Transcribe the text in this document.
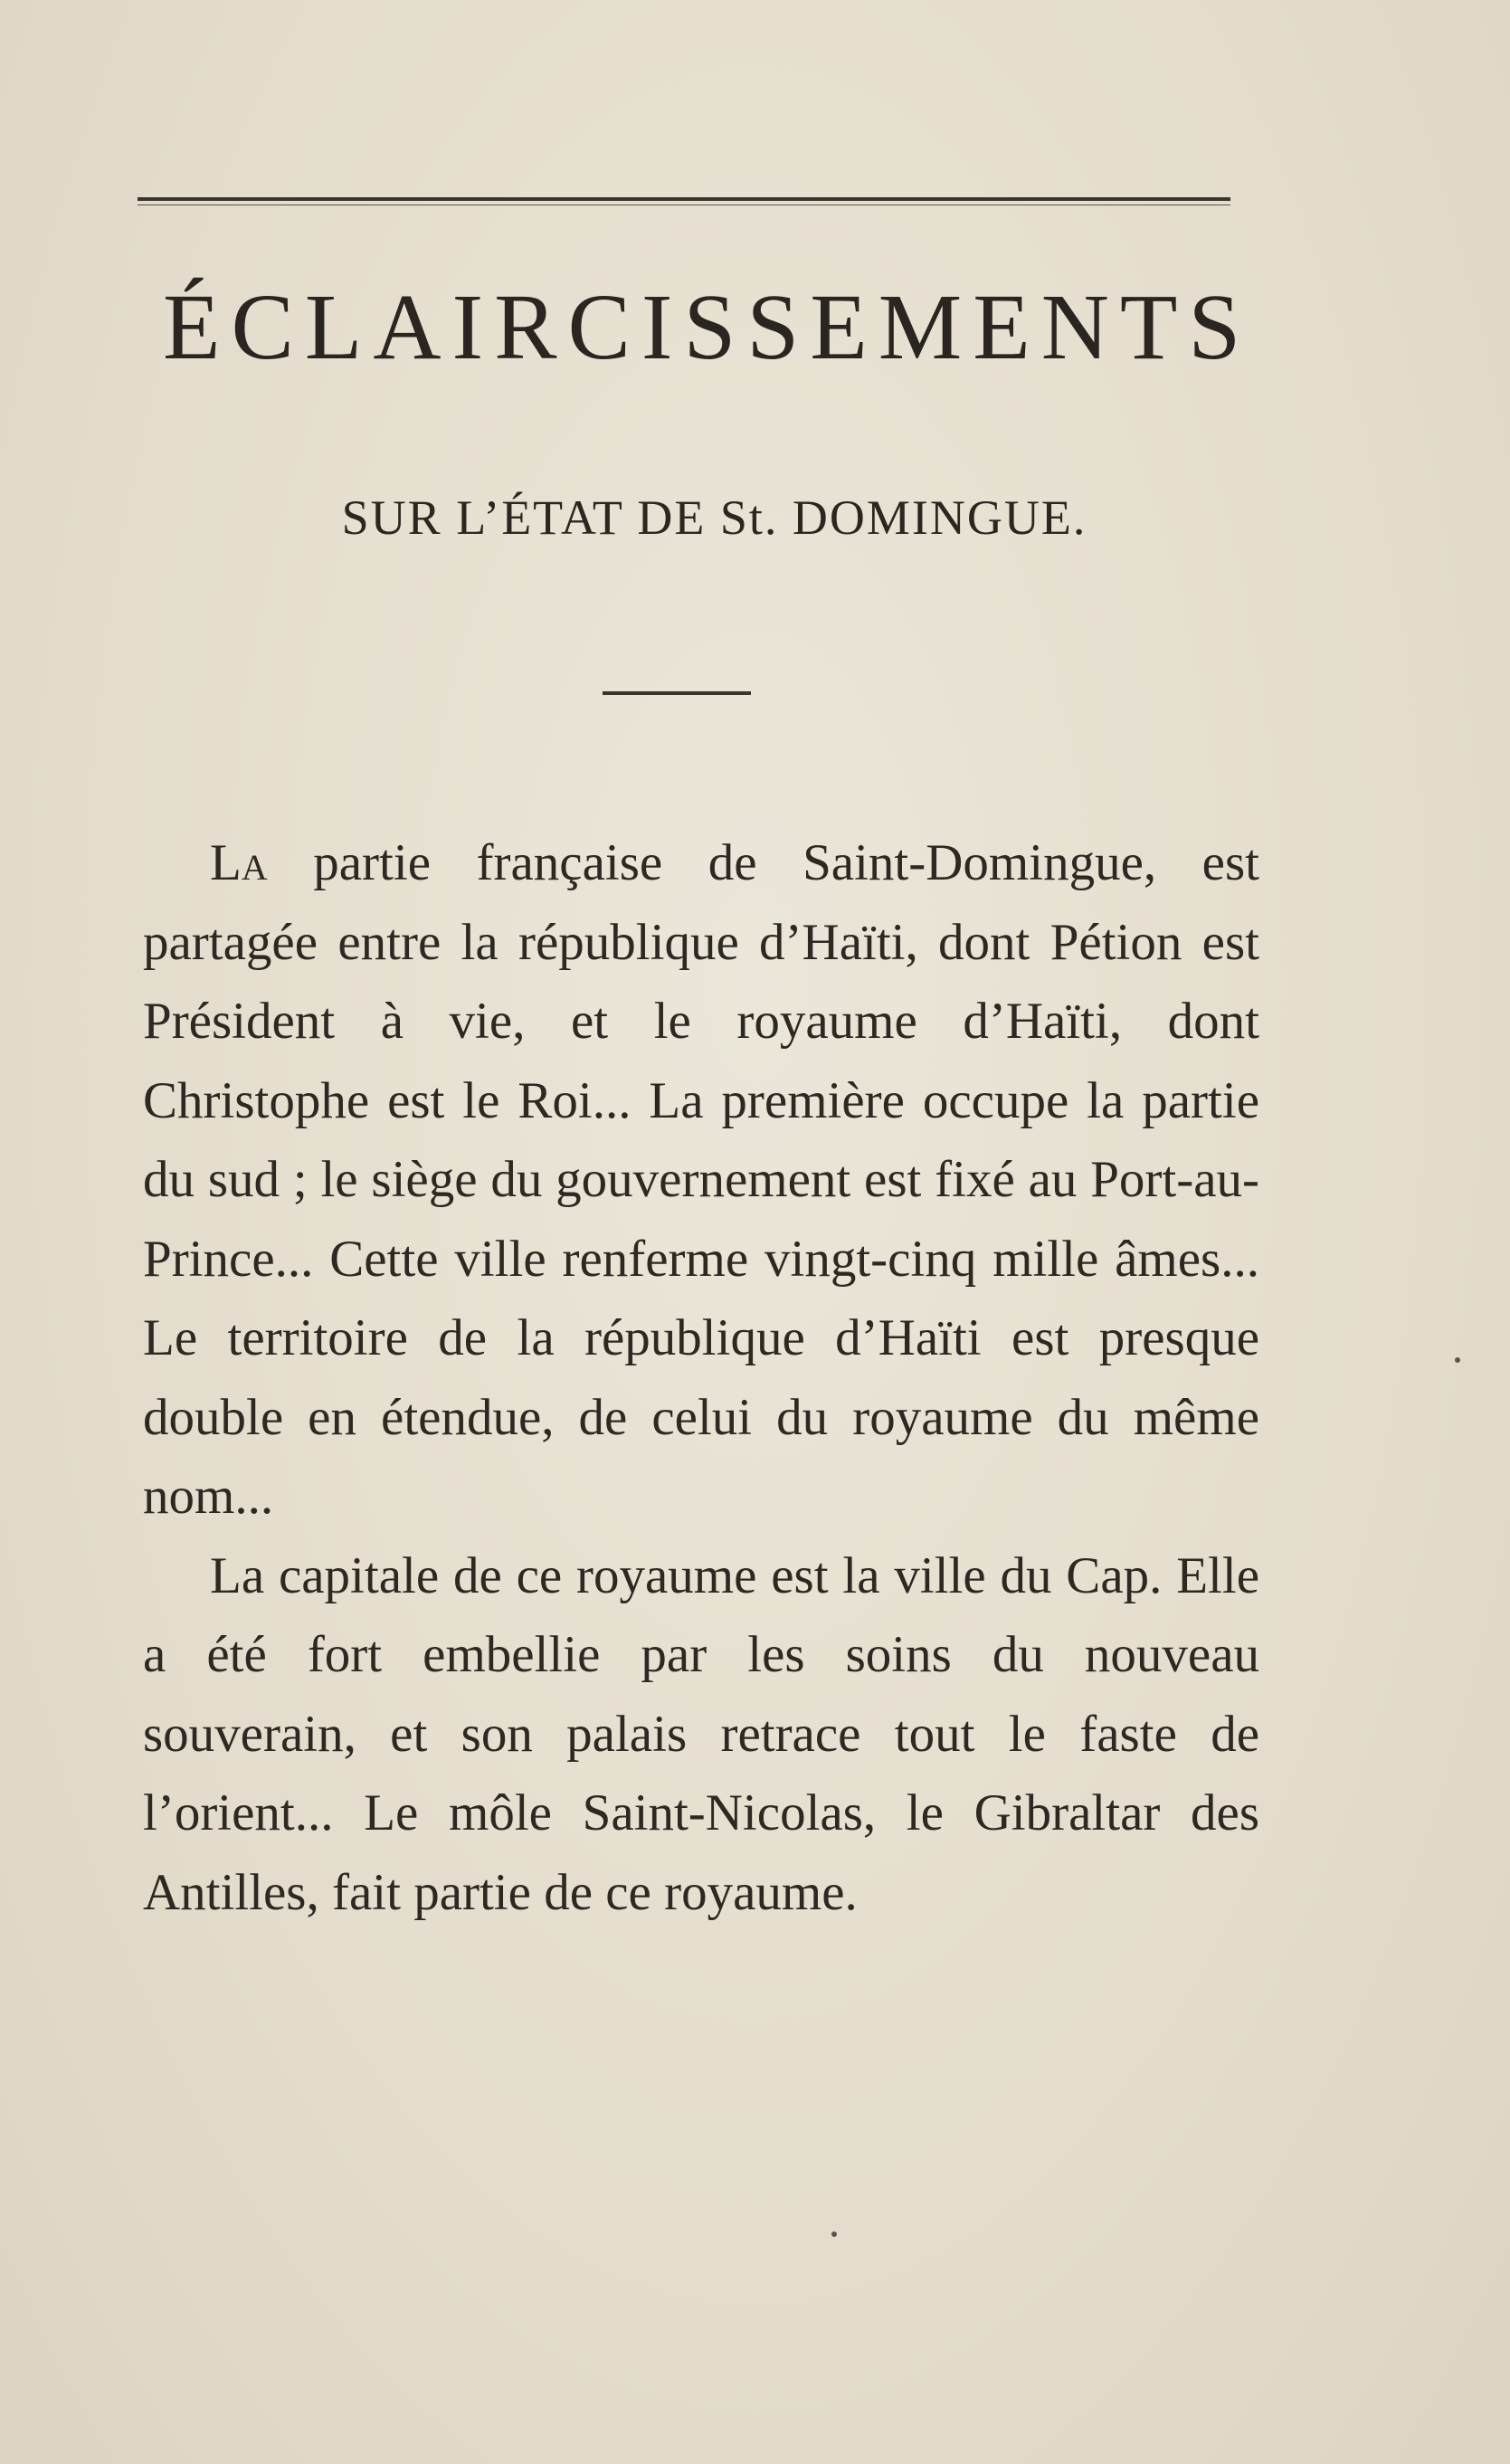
ÉCLAIRCISSEMENTS
SUR L’ÉTAT DE St. DOMINGUE.

La partie française de Saint-Domingue, est partagée entre la république d’Haïti, dont Pétion est Président à vie, et le royaume d’Haïti, dont Christophe est le Roi... La première occupe la partie du sud ; le siège du gouvernement est fixé au Port-au-Prince... Cette ville renferme vingt-cinq mille âmes... Le territoire de la république d’Haïti est presque double en étendue, de celui du royaume du même nom...

La capitale de ce royaume est la ville du Cap. Elle a été fort embellie par les soins du nouveau souverain, et son palais retrace tout le faste de l’orient... Le môle Saint-Nicolas, le Gibraltar des Antilles, fait partie de ce royaume.
